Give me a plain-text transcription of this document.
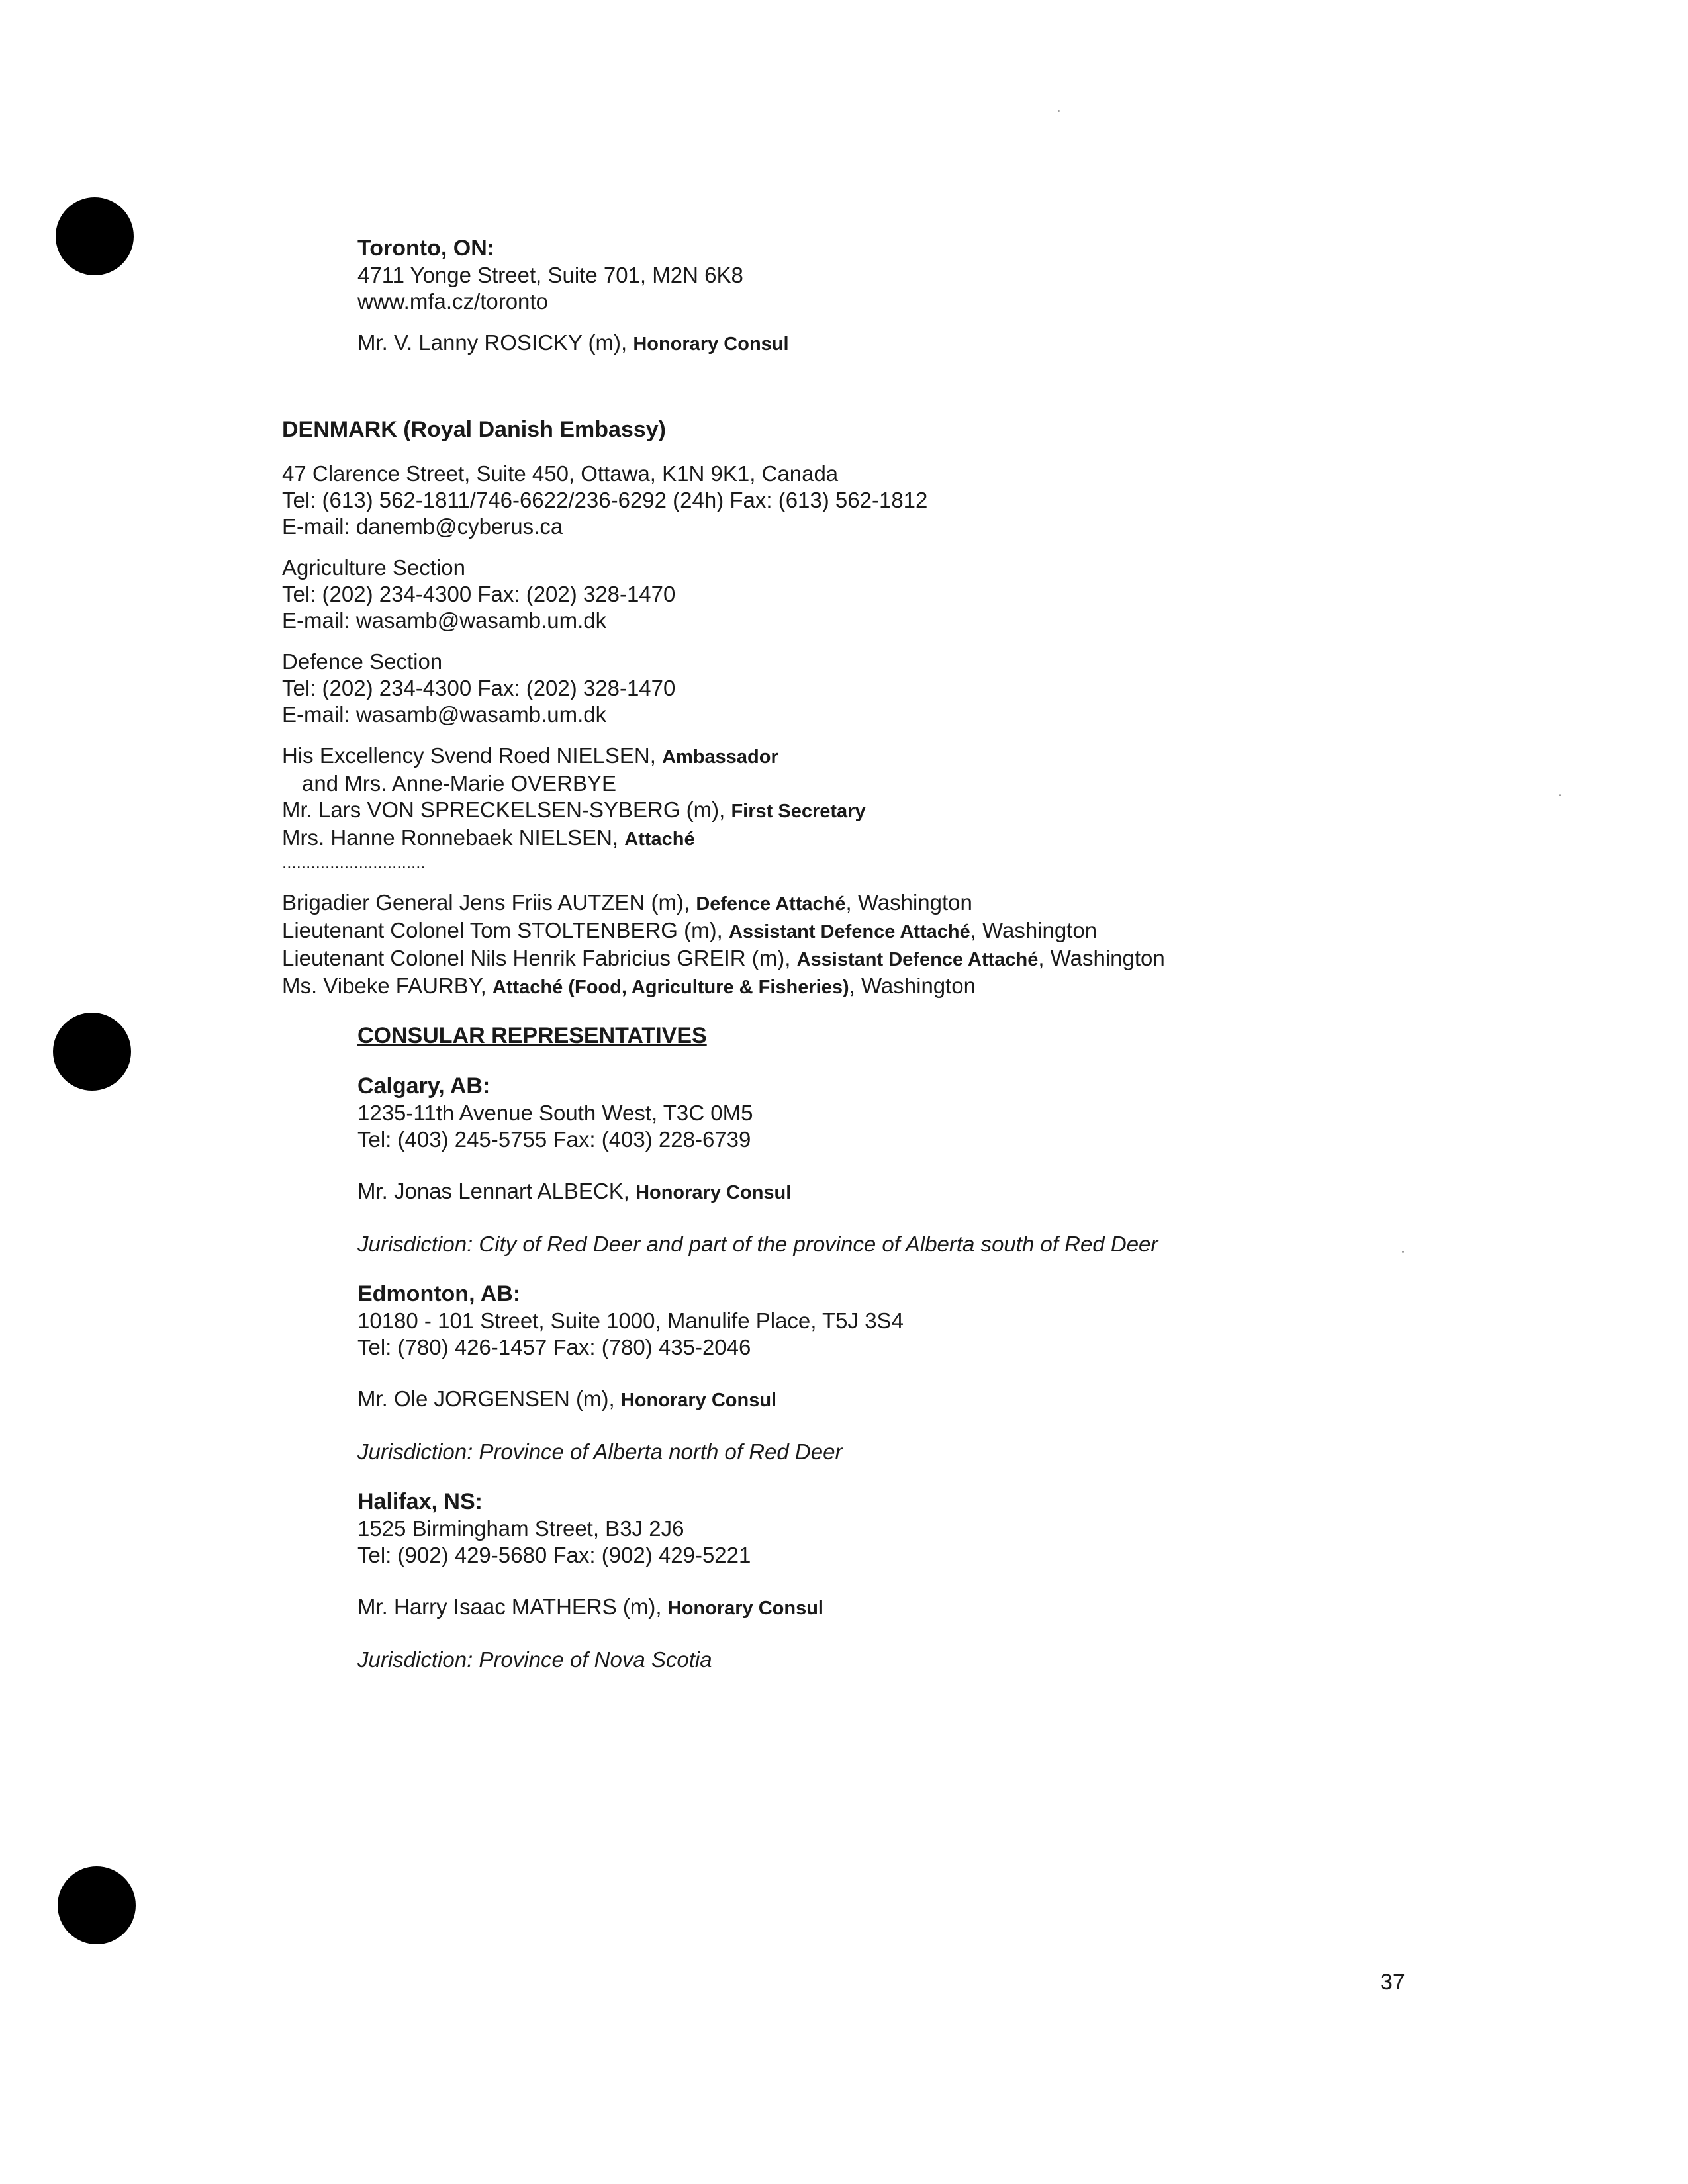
Toronto, ON:
4711 Yonge Street, Suite 701, M2N 6K8
www.mfa.cz/toronto
Mr. V. Lanny ROSICKY (m), Honorary Consul
DENMARK (Royal Danish Embassy)
47 Clarence Street, Suite 450, Ottawa, K1N 9K1, Canada
Tel: (613) 562-1811/746-6622/236-6292 (24h) Fax: (613) 562-1812
E-mail: danemb@cyberus.ca
Agriculture Section
Tel: (202) 234-4300 Fax: (202) 328-1470
E-mail: wasamb@wasamb.um.dk
Defence Section
Tel: (202) 234-4300 Fax: (202) 328-1470
E-mail: wasamb@wasamb.um.dk
His Excellency Svend Roed NIELSEN, Ambassador
and Mrs. Anne-Marie OVERBYE
Mr. Lars VON SPRECKELSEN-SYBERG (m), First Secretary
Mrs. Hanne Ronnebaek NIELSEN, Attaché
..............................
Brigadier General Jens Friis AUTZEN (m), Defence Attaché, Washington
Lieutenant Colonel Tom STOLTENBERG (m), Assistant Defence Attaché, Washington
Lieutenant Colonel Nils Henrik Fabricius GREIR (m), Assistant Defence Attaché, Washington
Ms. Vibeke FAURBY, Attaché (Food, Agriculture & Fisheries), Washington
CONSULAR REPRESENTATIVES
Calgary, AB:
1235-11th Avenue South West, T3C 0M5
Tel: (403) 245-5755 Fax: (403) 228-6739
Mr. Jonas Lennart ALBECK, Honorary Consul
Jurisdiction: City of Red Deer and part of the province of Alberta south of Red Deer
Edmonton, AB:
10180 - 101 Street, Suite 1000, Manulife Place, T5J 3S4
Tel: (780) 426-1457 Fax: (780) 435-2046
Mr. Ole JORGENSEN (m), Honorary Consul
Jurisdiction: Province of Alberta north of Red Deer
Halifax, NS:
1525 Birmingham Street, B3J 2J6
Tel: (902) 429-5680 Fax: (902) 429-5221
Mr. Harry Isaac MATHERS (m), Honorary Consul
Jurisdiction: Province of Nova Scotia
37
